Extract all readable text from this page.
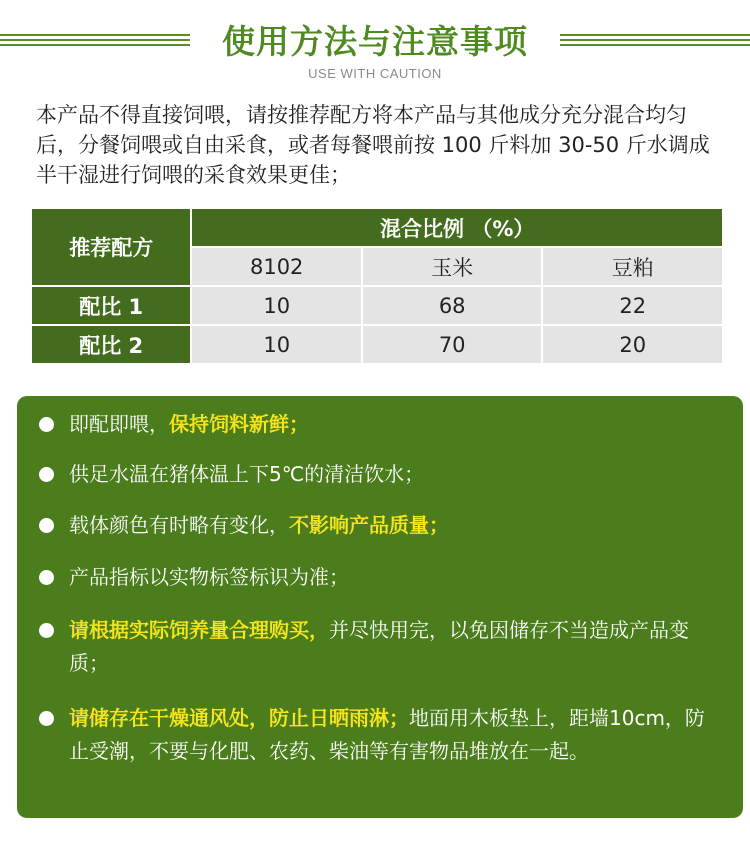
使用方法与注意事项
USE WITH CAUTION
本产品不得直接饲喂，请按推荐配方将本产品与其他成分充分混合均匀后，分餐饲喂或自由采食，或者每餐喂前按 100 斤料加 30-50 斤水调成半干湿进行饲喂的采食效果更佳；
推荐配方	混合比例 （%）		
	8102	玉米	豆粕
配比 1	10	68	22
配比 2	10	70	20
即配即喂，保持饲料新鲜；
供足水温在猪体温上下5℃的清洁饮水；
载体颜色有时略有变化，不影响产品质量；
产品指标以实物标签标识为准；
请根据实际饲养量合理购买，并尽快用完，以免因储存不当造成产品变质；
请储存在干燥通风处，防止日晒雨淋；地面用木板垫上，距墙10cm，防止受潮，不要与化肥、农药、柴油等有害物品堆放在一起。
